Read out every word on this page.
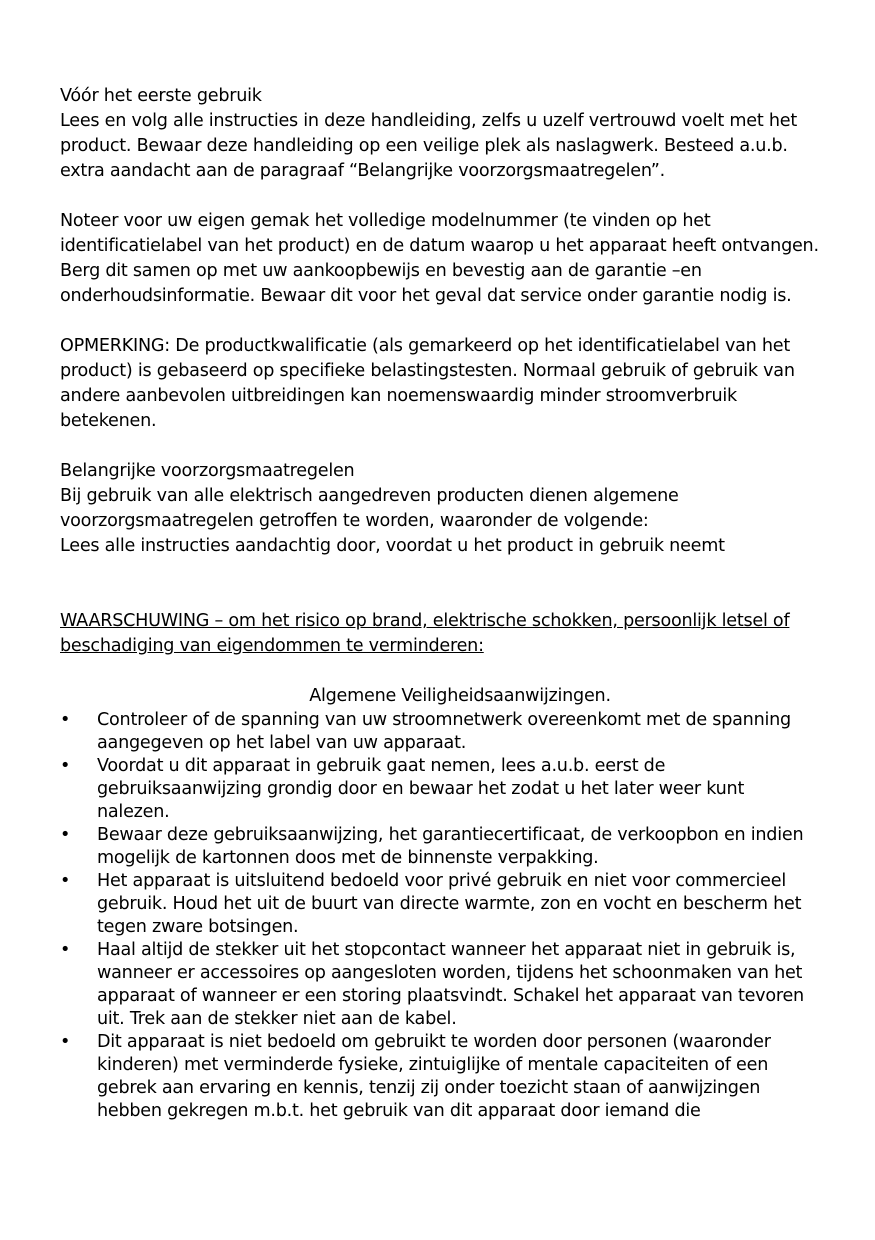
Vóór het eerste gebruik

Lees en volg alle instructies in deze handleiding, zelfs u uzelf vertrouwd voelt met het product. Bewaar deze handleiding op een veilige plek als naslagwerk. Besteed a.u.b. extra aandacht aan de paragraaf “Belangrijke voorzorgsmaatregelen”.

Noteer voor uw eigen gemak het volledige modelnummer (te vinden op het identificatielabel van het product) en de datum waarop u het apparaat heeft ontvangen. Berg dit samen op met uw aankoopbewijs en bevestig aan de garantie –en onderhoudsinformatie. Bewaar dit voor het geval dat service onder garantie nodig is.

OPMERKING: De productkwalificatie (als gemarkeerd op het identificatielabel van het product) is gebaseerd op specifieke belastingstesten. Normaal gebruik of gebruik van andere aanbevolen uitbreidingen kan noemenswaardig minder stroomverbruik betekenen.

Belangrijke voorzorgsmaatregelen

Bij gebruik van alle elektrisch aangedreven producten dienen algemene voorzorgsmaatregelen getroffen te worden, waaronder de volgende:

Lees alle instructies aandachtig door, voordat u het product in gebruik neemt

WAARSCHUWING – om het risico op brand, elektrische schokken, persoonlijk letsel of beschadiging van eigendommen te verminderen:

Algemene Veiligheidsaanwijzingen.

• Controleer of de spanning van uw stroomnetwerk overeenkomt met de spanning aangegeven op het label van uw apparaat.
• Voordat u dit apparaat in gebruik gaat nemen, lees a.u.b. eerst de gebruiksaanwijzing grondig door en bewaar het zodat u het later weer kunt nalezen.
• Bewaar deze gebruiksaanwijzing, het garantiecertificaat, de verkoopbon en indien mogelijk de kartonnen doos met de binnenste verpakking.
• Het apparaat is uitsluitend bedoeld voor privé gebruik en niet voor commercieel gebruik. Houd het uit de buurt van directe warmte, zon en vocht en bescherm het tegen zware botsingen.
• Haal altijd de stekker uit het stopcontact wanneer het apparaat niet in gebruik is, wanneer er accessoires op aangesloten worden, tijdens het schoonmaken van het apparaat of wanneer er een storing plaatsvindt. Schakel het apparaat van tevoren uit. Trek aan de stekker niet aan de kabel.
• Dit apparaat is niet bedoeld om gebruikt te worden door personen (waaronder kinderen) met verminderde fysieke, zintuiglijke of mentale capaciteiten of een gebrek aan ervaring en kennis, tenzij zij onder toezicht staan of aanwijzingen hebben gekregen m.b.t. het gebruik van dit apparaat door iemand die
